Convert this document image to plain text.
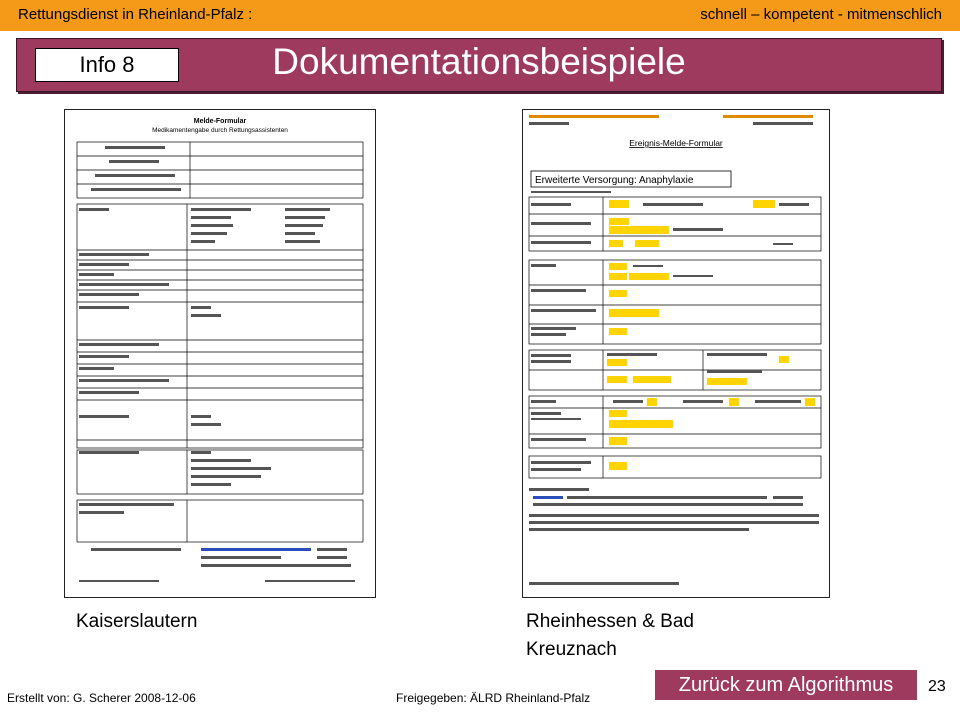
Rettungsdienst in Rheinland-Pfalz :	schnell – kompetent - mitmenschlich
Dokumentationsbeispiele
Info 8
Melde-Formular
Medikamentengabe durch Rettungsassistenten
Kaiserslautern
Ereignis-Melde-Formular
Erweiterte Versorgung: Anaphylaxie
Rheinhessen & Bad
Kreuznach
Zurück zum Algorithmus	23
Erstellt von: G. Scherer 2008-12-06	Freigegeben: ÄLRD Rheinland-Pfalz
